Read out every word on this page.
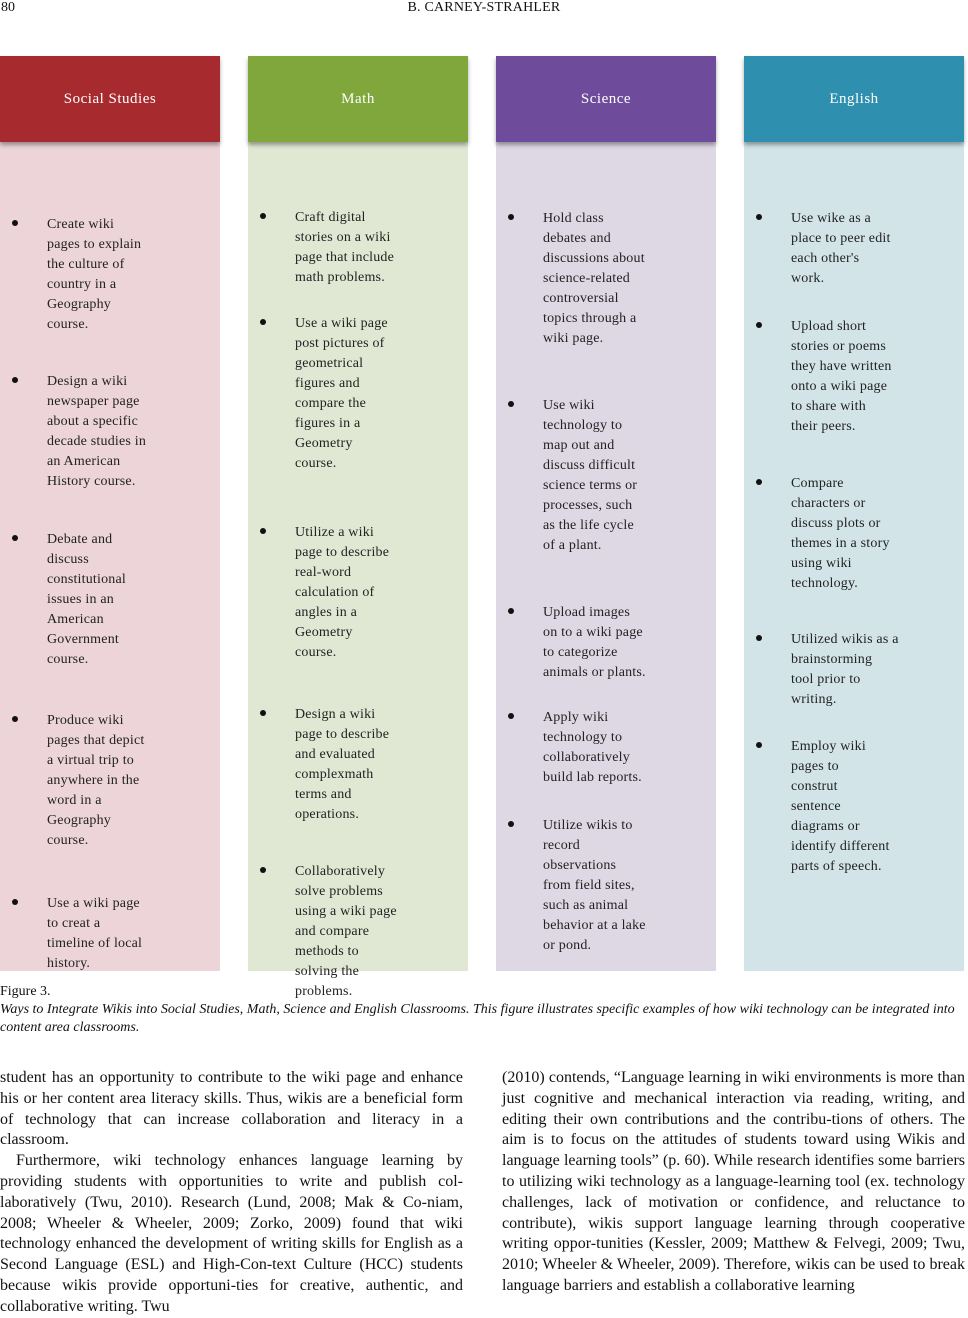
80	B. CARNEY-STRAHLER
Social Studies
Create wiki
pages to explain
the culture of
country in a
Geography
course.
Design a wiki
newspaper page
about a specific
decade studies in
an American
History course.
Debate and
discuss
constitutional
issues in an
American
Government
course.
Produce wiki
pages that depict
a virtual trip to
anywhere in the
word in a
Geography
course.
Use a wiki page
to creat a
timeline of local
history.
Math
Craft digital
stories on a wiki
page that include
math problems.
Use a wiki page
post pictures of
geometrical
figures and
compare the
figures in a
Geometry
course.
Utilize a wiki
page to describe
real-word
calculation of
angles in a
Geometry
course.
Design a wiki
page to describe
and evaluated
complexmath
terms and
operations.
Collaboratively
solve problems
using a wiki page
and compare
methods to
solving the
problems.
Science
Hold class
debates and
discussions about
science-related
controversial
topics through a
wiki page.
Use wiki
technology to
map out and
discuss difficult
science terms or
processes, such
as the life cycle
of a plant.
Upload images
on to a wiki page
to categorize
animals or plants.
Apply wiki
technology to
collaboratively
build lab reports.
Utilize wikis to
record
observations
from field sites,
such as animal
behavior at a lake
or pond.
English
Use wike as a
place to peer edit
each other's
work.
Upload short
stories or poems
they have written
onto a wiki page
to share with
their peers.
Compare
characters or
discuss plots or
themes in a story
using wiki
technology.
Utilized wikis as a
brainstorming
tool prior to
writing.
Employ wiki
pages to
construt
sentence
diagrams or
identify different
parts of speech.
Figure 3.
Ways to Integrate Wikis into Social Studies, Math, Science and English Classrooms. This figure illustrates specific examples of how wiki technology can be integrated into content area classrooms.

student has an opportunity to contribute to the wiki page and enhance his or her content area literacy skills. Thus, wikis are a beneficial form of technology that can increase collaboration and literacy in a classroom.

Furthermore, wiki technology enhances language learning by providing students with opportunities to write and publish col-laboratively (Twu, 2010). Research (Lund, 2008; Mak & Co-niam, 2008; Wheeler & Wheeler, 2009; Zorko, 2009) found that wiki technology enhanced the development of writing skills for English as a Second Language (ESL) and High-Con-text Culture (HCC) students because wikis provide opportuni-ties for creative, authentic, and collaborative writing. Twu

(2010) contends, “Language learning in wiki environments is more than just cognitive and mechanical interaction via reading, writing, and editing their own contributions and the contribu-tions of others. The aim is to focus on the attitudes of students toward using Wikis and language learning tools” (p. 60). While research identifies some barriers to utilizing wiki technology as a language-learning tool (ex. technology challenges, lack of motivation or confidence, and reluctance to contribute), wikis support language learning through cooperative writing oppor-tunities (Kessler, 2009; Matthew & Felvegi, 2009; Twu, 2010; Wheeler & Wheeler, 2009). Therefore, wikis can be used to break language barriers and establish a collaborative learning
